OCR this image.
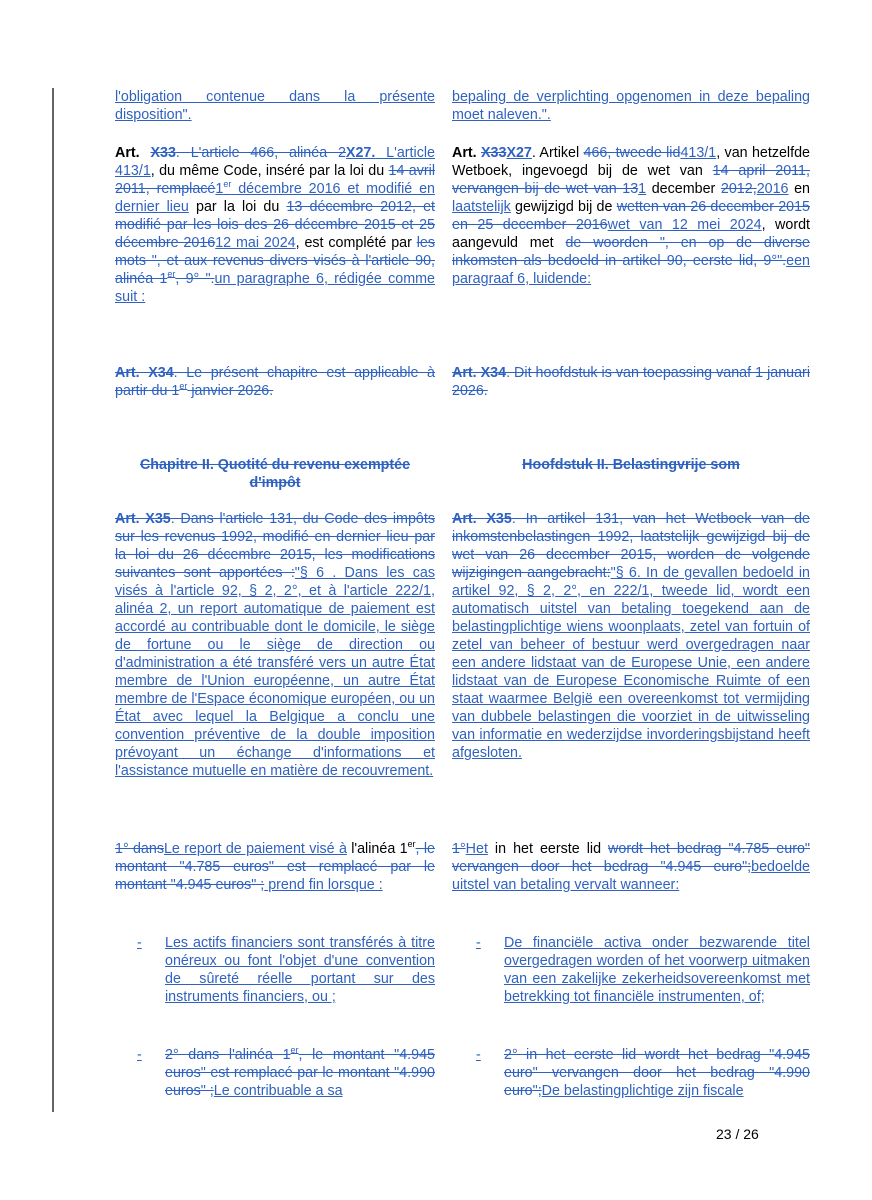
l'obligation contenue dans la présente disposition".
Art. X33. L'article 466, alinéa 2X27. L'article 413/1, du même Code, inséré par la loi du 14 avril 2011, remplacé1er décembre 2016 et modifié en dernier lieu par la loi du 13 décembre 2012, et modifié par les lois des 26 décembre 2015 et 25 décembre 201612 mai 2024, est complété par les mots ", et aux revenus divers visés à l'article 90, alinéa 1er, 9° ".un paragraphe 6, rédigée comme suit :
Art. X34. Le présent chapitre est applicable à partir du 1er janvier 2026.
Chapitre II. Quotité du revenu exemptée d'impôt
Art. X35. Dans l'article 131, du Code des impôts sur les revenus 1992, modifié en dernier lieu par la loi du 26 décembre 2015, les modifications suivantes sont apportées :"§ 6 . Dans les cas visés à l'article 92, § 2, 2°, et à l'article 222/1, alinéa 2, un report automatique de paiement est accordé au contribuable dont le domicile, le siège de fortune ou le siège de direction ou d'administration a été transféré vers un autre État membre de l'Union européenne, un autre État membre de l'Espace économique européen, ou un État avec lequel la Belgique a conclu une convention préventive de la double imposition prévoyant un échange d'informations et l'assistance mutuelle en matière de recouvrement.
1° dansLe report de paiement visé à l'alinéa 1er, le montant "4.785 euros" est remplacé par le montant "4.945 euros" ; prend fin lorsque :
- Les actifs financiers sont transférés à titre onéreux ou font l'objet d'une convention de sûreté réelle portant sur des instruments financiers, ou ;
- 2° dans l'alinéa 1er, le montant "4.945 euros" est remplacé par le montant "4.990 euros" ;Le contribuable a sa
bepaling de verplichting opgenomen in deze bepaling moet naleven.".
Art. X33X27. Artikel 466, tweede lid413/1, van hetzelfde Wetboek, ingevoegd bij de wet van 14 april 2011, vervangen bij de wet van 131 december 2012,2016 en laatstelijk gewijzigd bij de wetten van 26 december 2015 en 25 december 2016wet van 12 mei 2024, wordt aangevuld met de woorden ", en op de diverse inkomsten als bedoeld in artikel 90, eerste lid, 9°".een paragraaf 6, luidende:
Art. X34. Dit hoofdstuk is van toepassing vanaf 1 januari 2026.
Hoofdstuk II. Belastingvrije som
Art. X35. In artikel 131, van het Wetboek van de inkomstenbelastingen 1992, laatstelijk gewijzigd bij de wet van 26 december 2015, worden de volgende wijzigingen aangebracht:"§ 6. In de gevallen bedoeld in artikel 92, § 2, 2°, en 222/1, tweede lid, wordt een automatisch uitstel van betaling toegekend aan de belastingplichtige wiens woonplaats, zetel van fortuin of zetel van beheer of bestuur werd overgedragen naar een andere lidstaat van de Europese Unie, een andere lidstaat van de Europese Economische Ruimte of een staat waarmee België een overeenkomst tot vermijding van dubbele belastingen die voorziet in de uitwisseling van informatie en wederzijdse invorderingsbijstand heeft afgesloten.
1°Het in het eerste lid wordt het bedrag "4.785 euro" vervangen door het bedrag "4.945 euro";bedoelde uitstel van betaling vervalt wanneer:
- De financiële activa onder bezwarende titel overgedragen worden of het voorwerp uitmaken van een zakelijke zekerheidsovereenkomst met betrekking tot financiële instrumenten, of;
- 2° in het eerste lid wordt het bedrag "4.945 euro" vervangen door het bedrag "4.990 euro";De belastingplichtige zijn fiscale
23 / 26
